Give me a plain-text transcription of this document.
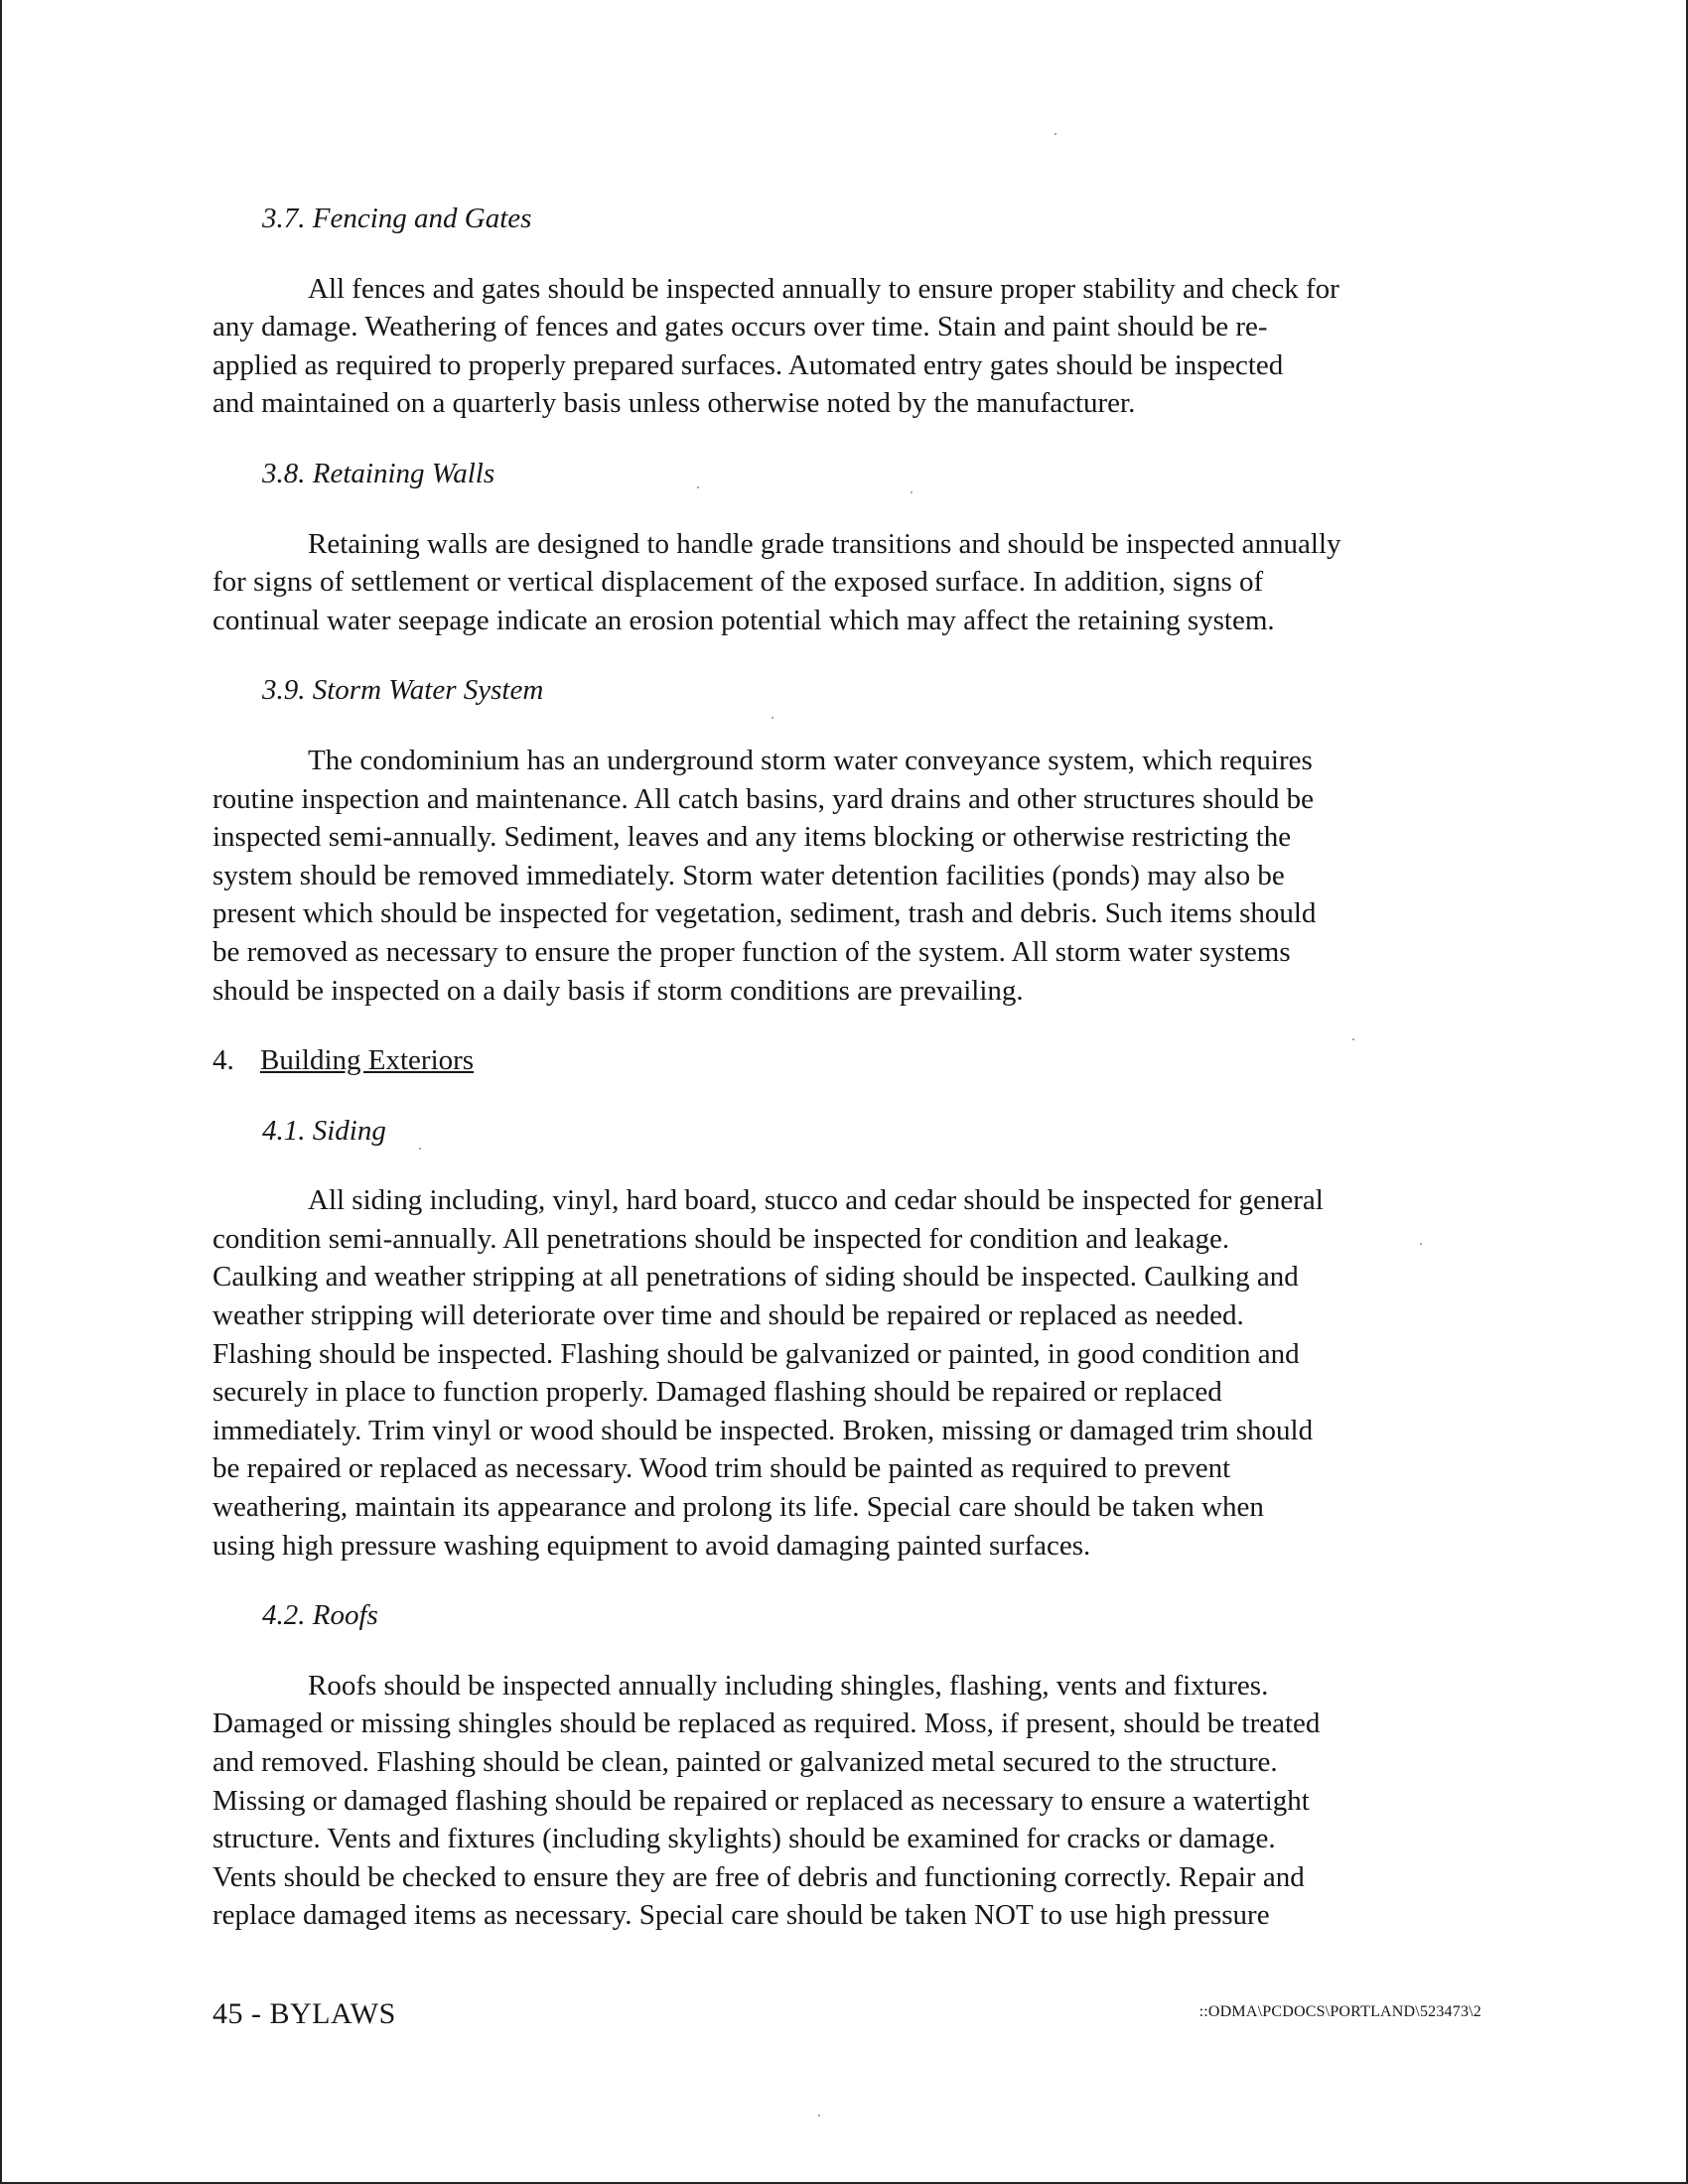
3.7. Fencing and Gates
All fences and gates should be inspected annually to ensure proper stability and check for
any damage. Weathering of fences and gates occurs over time. Stain and paint should be re-
applied as required to properly prepared surfaces. Automated entry gates should be inspected
and maintained on a quarterly basis unless otherwise noted by the manufacturer.
3.8. Retaining Walls
Retaining walls are designed to handle grade transitions and should be inspected annually
for signs of settlement or vertical displacement of the exposed surface. In addition, signs of
continual water seepage indicate an erosion potential which may affect the retaining system.
3.9. Storm Water System
The condominium has an underground storm water conveyance system, which requires
routine inspection and maintenance. All catch basins, yard drains and other structures should be
inspected semi-annually. Sediment, leaves and any items blocking or otherwise restricting the
system should be removed immediately. Storm water detention facilities (ponds) may also be
present which should be inspected for vegetation, sediment, trash and debris. Such items should
be removed as necessary to ensure the proper function of the system. All storm water systems
should be inspected on a daily basis if storm conditions are prevailing.
4. Building Exteriors
4.1. Siding
All siding including, vinyl, hard board, stucco and cedar should be inspected for general
condition semi-annually. All penetrations should be inspected for condition and leakage.
Caulking and weather stripping at all penetrations of siding should be inspected. Caulking and
weather stripping will deteriorate over time and should be repaired or replaced as needed.
Flashing should be inspected. Flashing should be galvanized or painted, in good condition and
securely in place to function properly. Damaged flashing should be repaired or replaced
immediately. Trim vinyl or wood should be inspected. Broken, missing or damaged trim should
be repaired or replaced as necessary. Wood trim should be painted as required to prevent
weathering, maintain its appearance and prolong its life. Special care should be taken when
using high pressure washing equipment to avoid damaging painted surfaces.
4.2. Roofs
Roofs should be inspected annually including shingles, flashing, vents and fixtures.
Damaged or missing shingles should be replaced as required. Moss, if present, should be treated
and removed. Flashing should be clean, painted or galvanized metal secured to the structure.
Missing or damaged flashing should be repaired or replaced as necessary to ensure a watertight
structure. Vents and fixtures (including skylights) should be examined for cracks or damage.
Vents should be checked to ensure they are free of debris and functioning correctly. Repair and
replace damaged items as necessary. Special care should be taken NOT to use high pressure
45 - BYLAWS	::ODMA\PCDOCS\PORTLAND\523473\2
